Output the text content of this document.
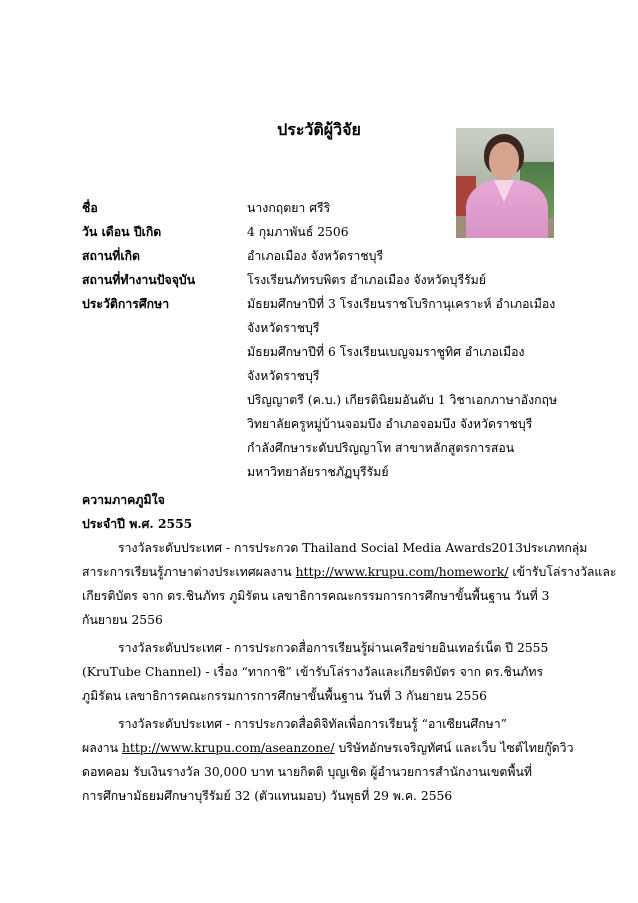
ประวัติผู้วิจัย
ชื่อ	นางกฤตยา ศรีริ
วัน เดือน ปีเกิด	4 กุมภาพันธ์ 2506
สถานที่เกิด	อำเภอเมือง จังหวัดราชบุรี
สถานที่ทำงานปัจจุบัน	โรงเรียนภัทรบพิตร อำเภอเมือง จังหวัดบุรีรัมย์
ประวัติการศึกษา	มัธยมศึกษาปีที่ 3 โรงเรียนราชโบริกานุเคราะห์ อำเภอเมือง
จังหวัดราชบุรี
มัธยมศึกษาปีที่ 6 โรงเรียนเบญจมราชูทิศ อำเภอเมือง
จังหวัดราชบุรี
ปริญญาตรี (ค.บ.) เกียรตินิยมอันดับ 1 วิชาเอกภาษาอังกฤษ
วิทยาลัยครูหมู่บ้านจอมบึง อำเภอจอมบึง จังหวัดราชบุรี
กำลังศึกษาระดับปริญญาโท สาขาหลักสูตรการสอน
มหาวิทยาลัยราชภัฏบุรีรัมย์
ความภาคภูมิใจ
ประจำปี พ.ศ. 2555
รางวัลระดับประเทศ - การประกวด Thailand Social Media Awards2013ประเภทกลุ่ม
สาระการเรียนรู้ภาษาต่างประเทศผลงาน http://www.krupu.com/homework/ เข้ารับโล่รางวัลและ
เกียรติบัตร จาก ดร.ชินภัทร ภูมิรัตน เลขาธิการคณะกรรมการการศึกษาขั้นพื้นฐาน วันที่ 3
กันยายน 2556
รางวัลระดับประเทศ - การประกวดสื่อการเรียนรู้ผ่านเครือข่ายอินเทอร์เน็ต ปี 2555
(KruTube Channel) - เรื่อง “ทากาชิ” เข้ารับโล่รางวัลและเกียรติบัตร จาก ดร.ชินภัทร
ภูมิรัตน เลขาธิการคณะกรรมการการศึกษาขั้นพื้นฐาน วันที่ 3 กันยายน 2556
รางวัลระดับประเทศ - การประกวดสื่อดิจิทัลเพื่อการเรียนรู้ “อาเซียนศึกษา”
ผลงาน http://www.krupu.com/aseanzone/ บริษัทอักษรเจริญทัศน์ และเว็บ ไซต์ไทยกู๊ดวิว
ดอทคอม รับเงินรางวัล 30,000 บาท นายกิตติ บุญเชิด ผู้อำนวยการสำนักงานเขตพื้นที่
การศึกษามัธยมศึกษาบุรีรัมย์ 32 (ตัวแทนมอบ) วันพุธที่ 29 พ.ค. 2556
